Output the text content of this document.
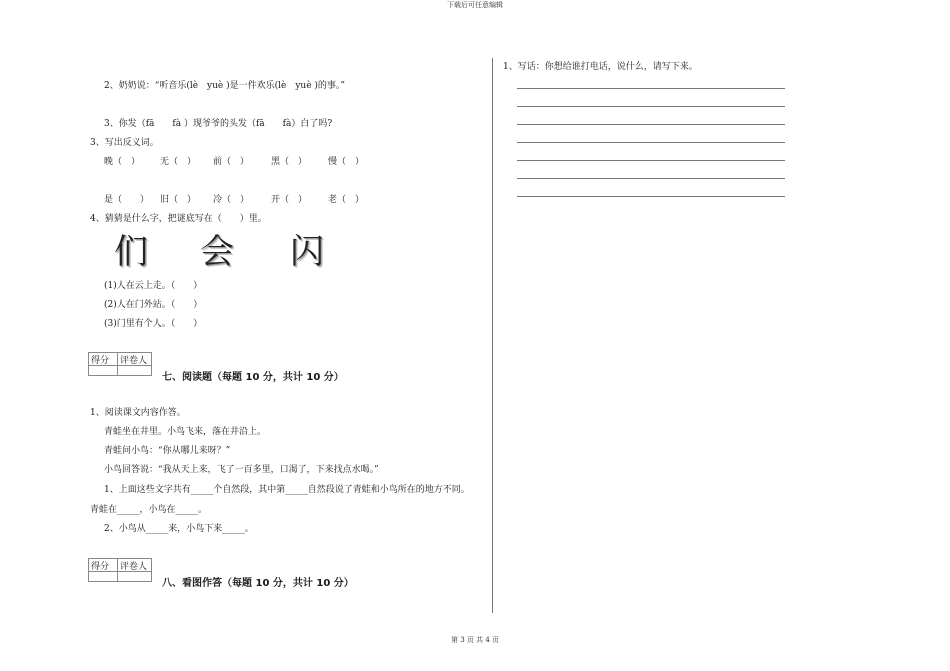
下载后可任意编辑
2、奶奶说：“听音乐(lè　yuè )是一件欢乐(lè　yuè )的事。”
3、你发（fā　　fà ）现爷爷的头发（fā　　fà）白了吗?
3、写出反义词。
晚（　） 无（　） 前（　） 黑（　） 慢（　）
是（　　） 旧（　） 冷（　） 开（　） 老（　）
4、猜猜是什么字，把谜底写在（　　）里。
们 会 闪
(1)人在云上走。（　　）
(2)人在门外站。（　　）
(3)门里有个人。（　　）
得分 评卷人
七、阅读题（每题 10 分，共计 10 分）
1、阅读课文内容作答。
青蛙坐在井里。小鸟飞来，落在井沿上。
青蛙问小鸟：“你从哪儿来呀？”
小鸟回答说：“我从天上来，飞了一百多里，口渴了，下来找点水喝。”
1、上面这些文字共有_____个自然段，其中第_____自然段说了青蛙和小鸟所在的地方不同。
青蛙在_____，小鸟在_____。
2、小鸟从_____来，小鸟下来_____。
得分 评卷人
八、看图作答（每题 10 分，共计 10 分）
1、写话：你想给谁打电话，说什么，请写下来。
第 3 页 共 4 页
